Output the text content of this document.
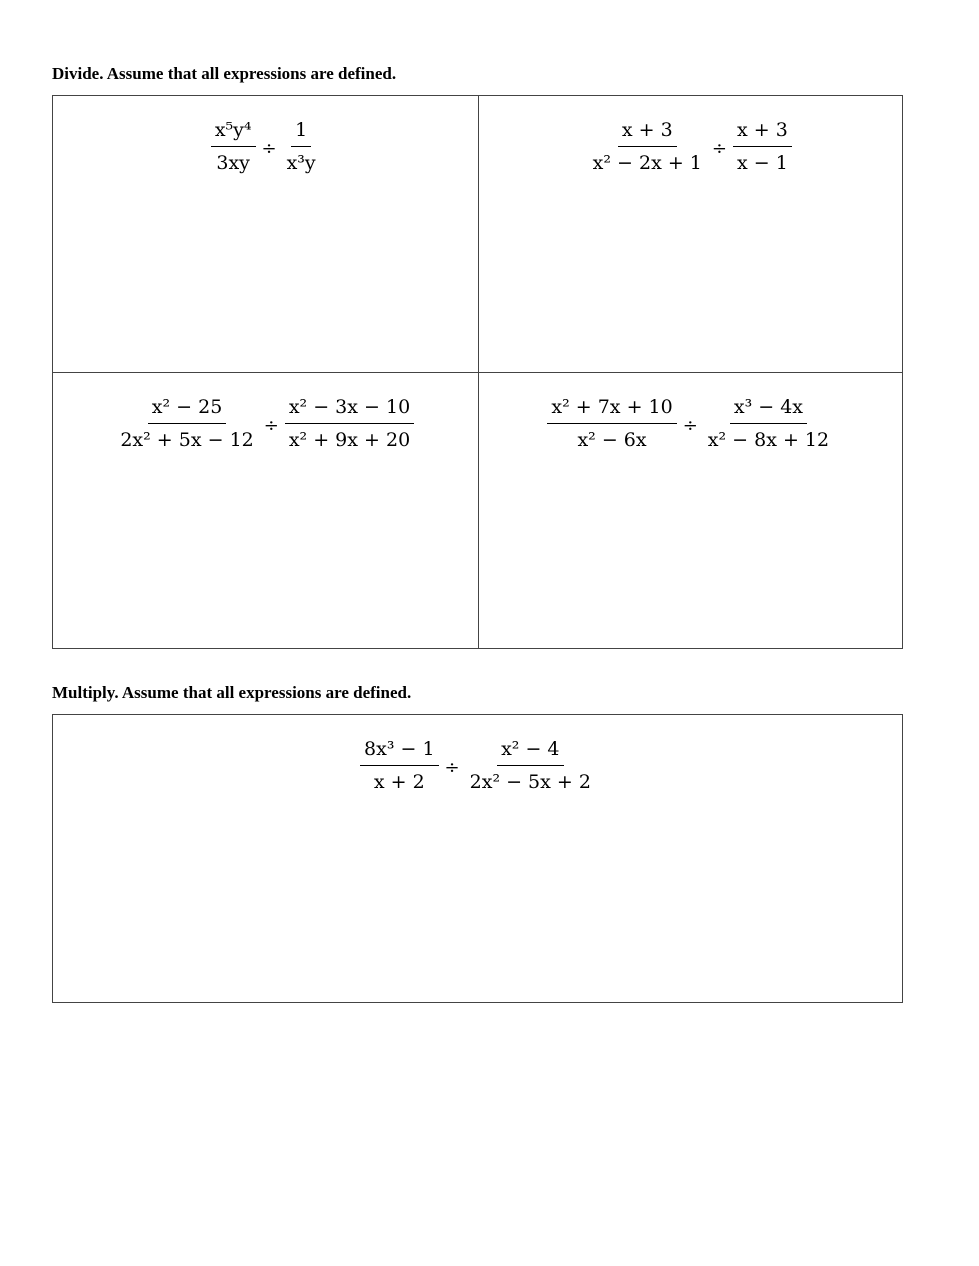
Divide. Assume that all expressions are defined.
$\frac{\text{x⁵y⁴}}{3xy} \div \frac{1}{\text{x³y}}$	$\frac{x + 3}{\text{x² − 2x + 1}} \div \frac{x + 3}{x - 1}$
$\frac{\text{x² − 25}}{\text{2x² + 5x − 12}} \div \frac{\text{x² − 3x − 10}}{\text{x² + 9x + 20}}$	$\frac{\text{x² + 7x + 10}}{\text{x² − 6x}} \div \frac{\text{x³ − 4x}}{\text{x² − 8x + 12}}$
Multiply. Assume that all expressions are defined.
$\frac{\text{8x³ − 1}}{x + 2} \div \frac{\text{x² − 4}}{\text{2x² − 5x + 2}}$
